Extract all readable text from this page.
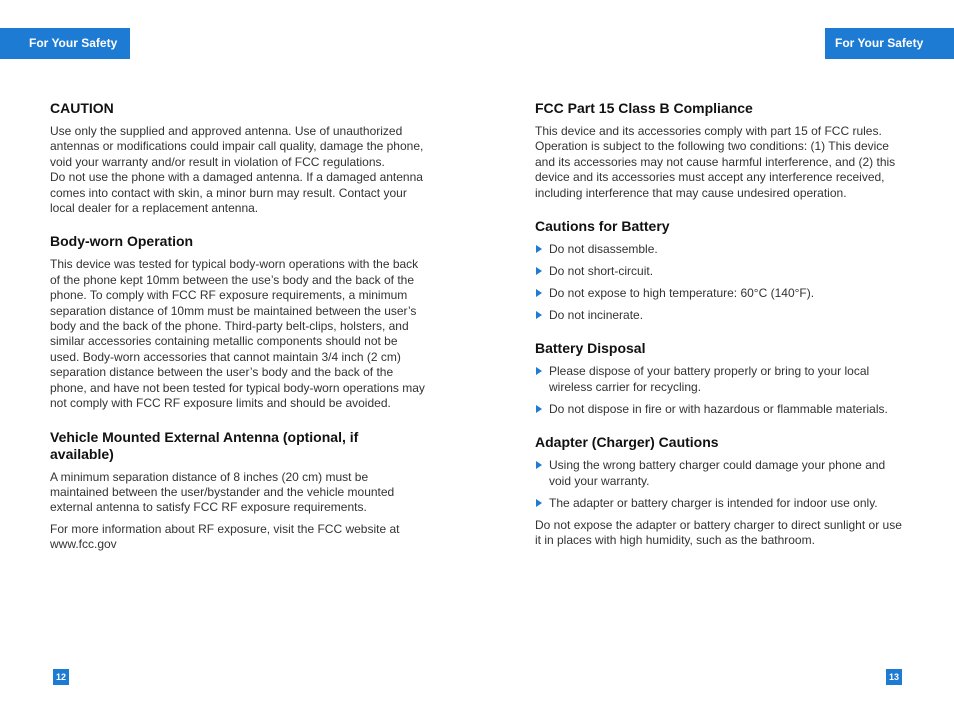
For Your Safety	For Your Safety
CAUTION

Use only the supplied and approved antenna. Use of unauthorized antennas or modifications could impair call quality, damage the phone, void your warranty and/or result in violation of FCC regulations.

Do not use the phone with a damaged antenna. If a damaged antenna comes into contact with skin, a minor burn may result. Contact your local dealer for a replacement antenna.

Body-worn Operation

This device was tested for typical body-worn operations with the back of the phone kept 10mm between the use’s body and the back of the phone. To comply with FCC RF exposure requirements, a minimum separation distance of 10mm must be maintained between the user’s body and the back of the phone. Third-party belt-clips, holsters, and similar accessories containing metallic components should not be used. Body-worn accessories that cannot maintain 3/4 inch (2 cm) separation distance between the user’s body and the back of the phone, and have not been tested for typical body-worn operations may not comply with FCC RF exposure limits and should be avoided.

Vehicle Mounted External Antenna (optional, if available)

A minimum separation distance of 8 inches (20 cm) must be maintained between the user/bystander and the vehicle mounted external antenna to satisfy FCC RF exposure requirements.

For more information about RF exposure, visit the FCC website at www.fcc.gov

FCC Part 15 Class B Compliance

This device and its accessories comply with part 15 of FCC rules. Operation is subject to the following two conditions: (1) This device and its accessories may not cause harmful interference, and (2) this device and its accessories must accept any interference received, including interference that may cause undesired operation.

Cautions for Battery
Do not disassemble.
Do not short-circuit.
Do not expose to high temperature: 60°C (140°F).
Do not incinerate.
Battery Disposal
Please dispose of your battery properly or bring to your local wireless carrier for recycling.
Do not dispose in fire or with hazardous or flammable materials.
Adapter (Charger) Cautions
Using the wrong battery charger could damage your phone and void your warranty.
The adapter or battery charger is intended for indoor use only.

Do not expose the adapter or battery charger to direct sunlight or use it in places with high humidity, such as the bathroom.

12	13
